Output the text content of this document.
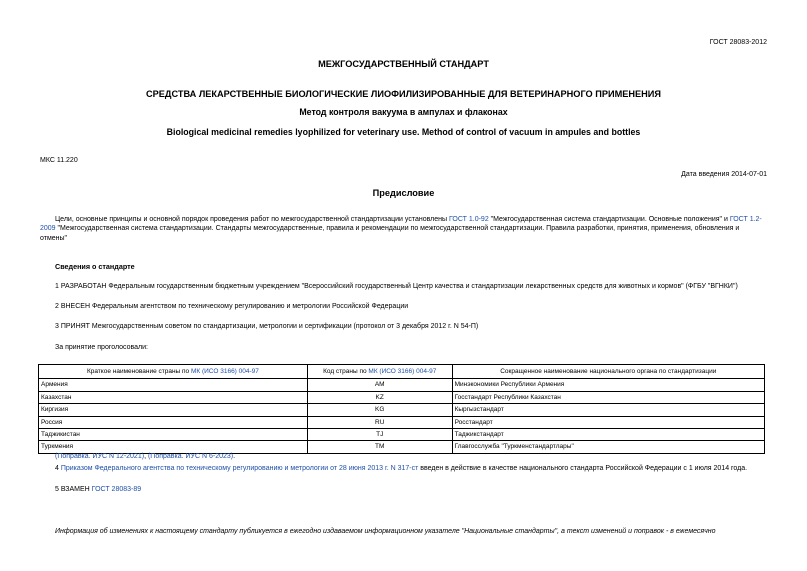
ГОСТ 28083-2012
МЕЖГОСУДАРСТВЕННЫЙ СТАНДАРТ
СРЕДСТВА ЛЕКАРСТВЕННЫЕ БИОЛОГИЧЕСКИЕ ЛИОФИЛИЗИРОВАННЫЕ ДЛЯ ВЕТЕРИНАРНОГО ПРИМЕНЕНИЯ
Метод контроля вакуума в ампулах и флаконах
Biological medicinal remedies lyophilized for veterinary use. Method of control of vacuum in ampules and bottles
МКС 11.220
Дата введения 2014-07-01
Предисловие
Цели, основные принципы и основной порядок проведения работ по межгосударственной стандартизации установлены ГОСТ 1.0-92 "Межгосударственная система стандартизации. Основные положения" и ГОСТ 1.2-2009 "Межгосударственная система стандартизации. Стандарты межгосударственные, правила и рекомендации по межгосударственной стандартизации. Правила разработки, принятия, применения, обновления и отмены"
Сведения о стандарте
1 РАЗРАБОТАН Федеральным государственным бюджетным учреждением "Всероссийский государственный Центр качества и стандартизации лекарственных средств для животных и кормов" (ФГБУ "ВГНКИ")
2 ВНЕСЕН Федеральным агентством по техническому регулированию и метрологии Российской Федерации
3 ПРИНЯТ Межгосударственным советом по стандартизации, метрологии и сертификации (протокол от 3 декабря 2012 г. N 54-П)
За принятие проголосовали:
Краткое наименование страны по МК (ИСО 3166) 004-97	Код страны по МК (ИСО 3166) 004-97	Сокращенное наименование национального органа по стандартизации
Армения	AM	Минэкономики Республики Армения
Казахстан	KZ	Госстандарт Республики Казахстан
Киргизия	KG	Кыргызстандарт
Россия	RU	Росстандарт
Таджикистан	TJ	Таджикстандарт
Туркмения	TM	Главгосслужба "Туркменстандартлары"
(Поправка. ИУС N 12-2021), (Поправка. ИУС N 6-2023).
4 Приказом Федерального агентства по техническому регулированию и метрологии от 28 июня 2013 г. N 317-ст введен в действие в качестве национального стандарта Российской Федерации с 1 июля 2014 года.
5 ВЗАМЕН ГОСТ 28083-89
Информация об изменениях к настоящему стандарту публикуется в ежегодно издаваемом информационном указателе "Национальные стандарты", а текст изменений и поправок - в ежемесячно
